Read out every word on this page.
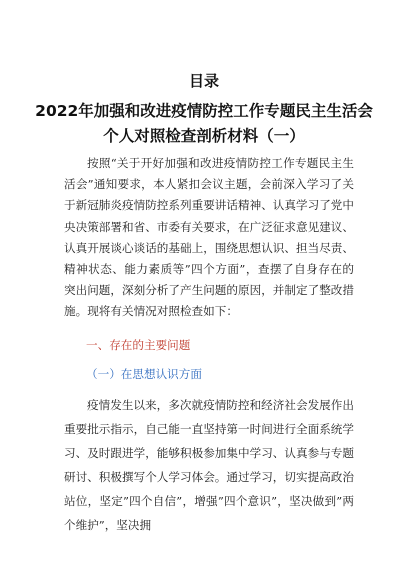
目录
2022年加强和改进疫情防控工作专题民主生活会个人对照检查剖析材料（一）

按照“关于开好加强和改进疫情防控工作专题民主生活会”通知要求，本人紧扣会议主题，会前深入学习了关于新冠肺炎疫情防控系列重要讲话精神、认真学习了党中央决策部署和省、市委有关要求，在广泛征求意见建议、认真开展谈心谈话的基础上，围绕思想认识、担当尽责、精神状态、能力素质等”四个方面”，查摆了自身存在的突出问题，深刻分析了产生问题的原因，并制定了整改措施。现将有关情况对照检查如下：

一、存在的主要问题

（一）在思想认识方面

疫情发生以来，多次就疫情防控和经济社会发展作出重要批示指示，自己能一直坚持第一时间进行全面系统学习、及时跟进学，能够积极参加集中学习、认真参与专题研讨、积极撰写个人学习体会。通过学习，切实提高政治站位，坚定”四个自信”，增强”四个意识”，坚决做到”两个维护”，坚决拥
